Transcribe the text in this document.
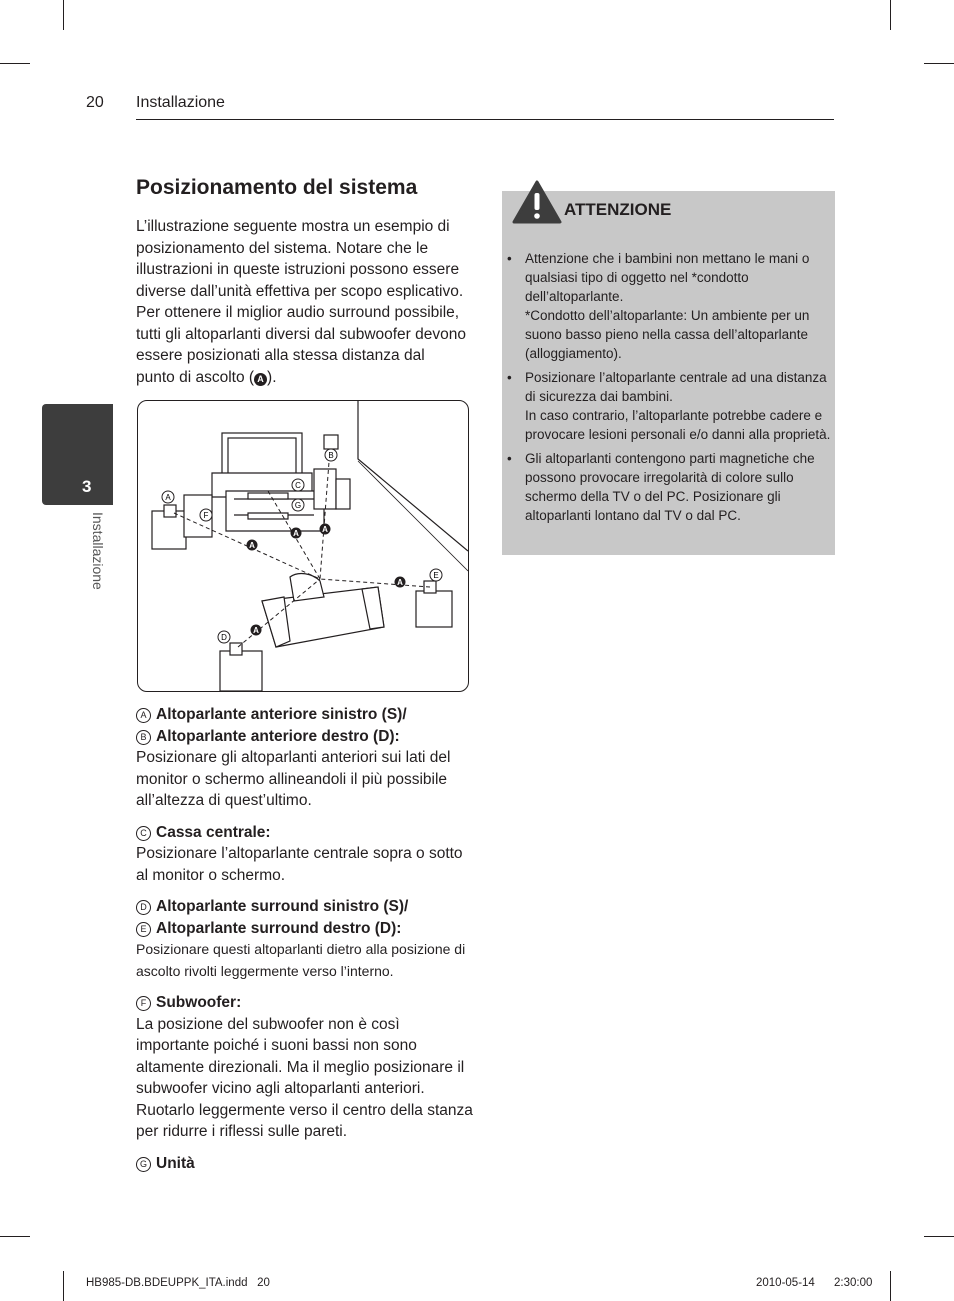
20 Installazione
3
Installazione
Posizionamento del sistema
L’illustrazione seguente mostra un esempio di posizionamento del sistema. Notare che le illustrazioni in queste istruzioni possono essere diverse dall’unità effettiva per scopo esplicativo. Per ottenere il miglior audio surround possibile, tutti gli altoparlanti diversi dal subwoofer devono essere posizionati alla stessa distanza dal punto di ascolto ( A ).
A
B
C
G
F
E
D
A
A	A
A
A
A Altoparlante anteriore sinistro (S)/
B Altoparlante anteriore destro (D):
Posizionare gli altoparlanti anteriori sui lati del monitor o schermo allineandoli il più possibile all’altezza di quest’ultimo.
C Cassa centrale:
Posizionare l’altoparlante centrale sopra o sotto al monitor o schermo.
D Altoparlante surround sinistro (S)/
E Altoparlante surround destro (D):
Posizionare questi altoparlanti dietro alla posizione di ascolto rivolti leggermente verso l’interno.
F Subwoofer:
La posizione del subwoofer non è così importante poiché i suoni bassi non sono altamente direzionali. Ma il meglio posizionare il subwoofer vicino agli altoparlanti anteriori. Ruotarlo leggermente verso il centro della stanza per ridurre i riflessi sulle pareti.
G Unità
ATTENZIONE
• Attenzione che i bambini non mettano le mani o qualsiasi tipo di oggetto nel *condotto dell’altoparlante.
*Condotto dell’altoparlante: Un ambiente per un suono basso pieno nella cassa dell’altoparlante (alloggiamento).
• Posizionare l’altoparlante centrale ad una distanza di sicurezza dai bambini.
In caso contrario, l’altoparlante potrebbe cadere e provocare lesioni personali e/o danni alla proprietà.
• Gli altoparlanti contengono parti magnetiche che possono provocare irregolarità di colore sullo schermo della TV o del PC. Posizionare gli altoparlanti lontano dal TV o dal PC.
HB985-DB.BDEUPPK_ITA.indd 20	2010-05-14 2:30:00
